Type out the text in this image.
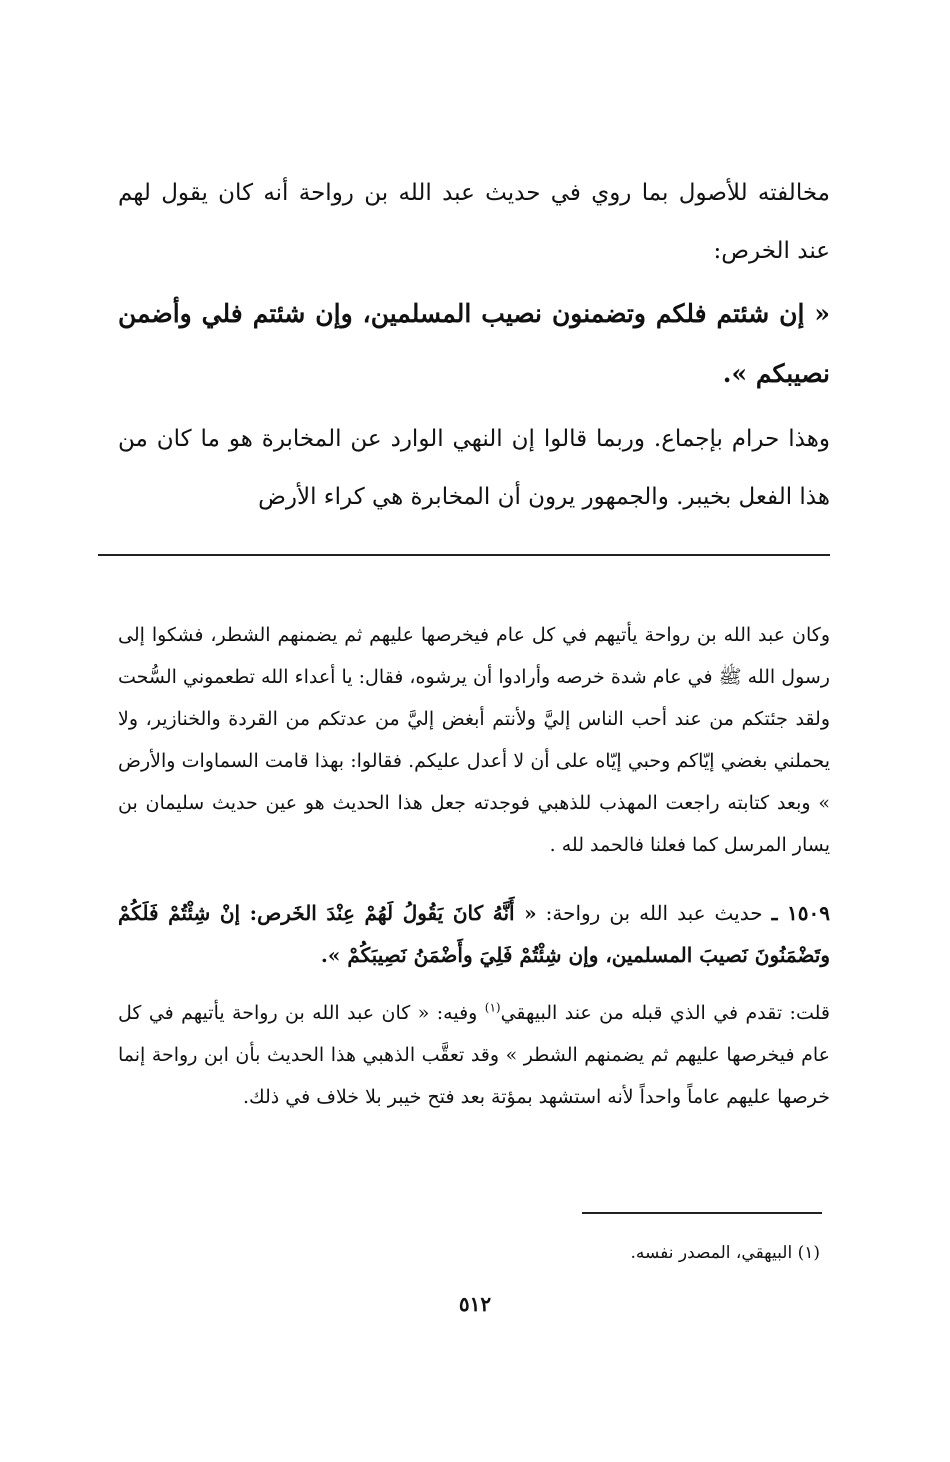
مخالفته للأصول بما روي في حديث عبد الله بن رواحة أنه كان يقول لهم عند الخرص:
« إن شئتم فلكم وتضمنون نصيب المسلمين، وإن شئتم فلي وأضمن نصيبكم ».
وهذا حرام بإجماع. وربما قالوا إن النهي الوارد عن المخابرة هو ما كان من هذا الفعل بخيبر. والجمهور يرون أن المخابرة هي كراء الأرض
وكان عبد الله بن رواحة يأتيهم في كل عام فيخرصها عليهم ثم يضمنهم الشطر، فشكوا إلى رسول الله ﷺ في عام شدة خرصه وأرادوا أن يرشوه، فقال: يا أعداء الله تطعموني السُّحت ولقد جئتكم من عند أحب الناس إليَّ ولأنتم أبغض إليَّ من عدتكم من القردة والخنازير، ولا يحملني بغضي إيّاكم وحبي إيّاه على أن لا أعدل عليكم. فقالوا: بهذا قامت السماوات والأرض » وبعد كتابته راجعت المهذب للذهبي فوجدته جعل هذا الحديث هو عين حديث سليمان بن يسار المرسل كما فعلنا فالحمد لله .
١٥٠٩ ـ حديث عبد الله بن رواحة: « أَنَّهُ كانَ يَقُولُ لَهُمْ عِنْدَ الخَرص: إنْ شِئْتُمْ فَلَكُمْ وتَضْمَنُونَ نَصيبَ المسلمين، وإن شِئْتُمْ فَلِيَ وأَضْمَنُ نَصِيبَكُمْ ».
قلت: تقدم في الذي قبله من عند البيهقي$^{(١)}$ وفيه: « كان عبد الله بن رواحة يأتيهم في كل عام فيخرصها عليهم ثم يضمنهم الشطر » وقد تعقَّب الذهبي هذا الحديث بأن ابن رواحة إنما خرصها عليهم عاماً واحداً لأنه استشهد بمؤتة بعد فتح خيبر بلا خلاف في ذلك.
(١) البيهقي، المصدر نفسه.
٥١٢
